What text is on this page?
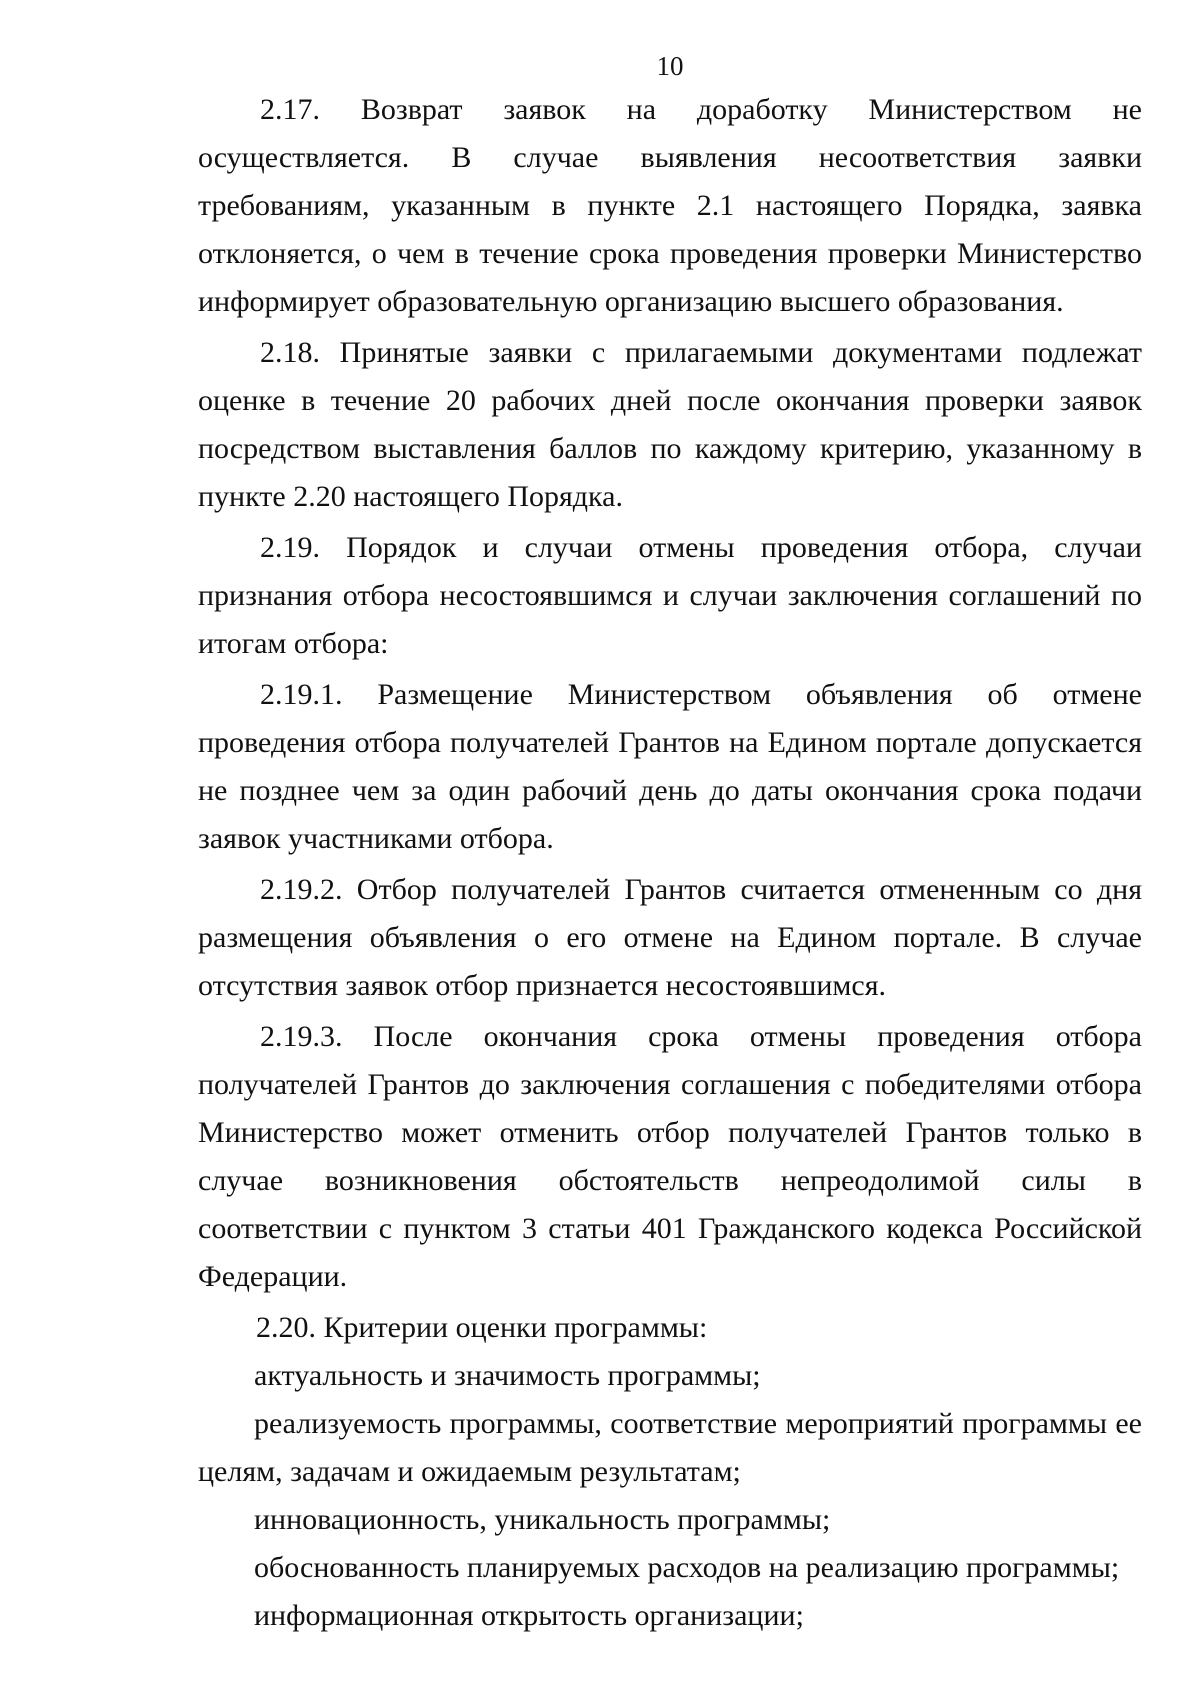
10

2.17. Возврат заявок на доработку Министерством не осуществляется. В случае выявления несоответствия заявки требованиям, указанным в пункте 2.1 настоящего Порядка, заявка отклоняется, о чем в течение срока проведения проверки Министерство информирует образовательную организацию высшего образования.

2.18. Принятые заявки с прилагаемыми документами подлежат оценке в течение 20 рабочих дней после окончания проверки заявок посредством выставления баллов по каждому критерию, указанному в пункте 2.20 настоящего Порядка.

2.19. Порядок и случаи отмены проведения отбора, случаи признания отбора несостоявшимся и случаи заключения соглашений по итогам отбора:

2.19.1. Размещение Министерством объявления об отмене проведения отбора получателей Грантов на Едином портале допускается не позднее чем за один рабочий день до даты окончания срока подачи заявок участниками отбора.

2.19.2. Отбор получателей Грантов считается отмененным со дня размещения объявления о его отмене на Едином портале. В случае отсутствия заявок отбор признается несостоявшимся.

2.19.3. После окончания срока отмены проведения отбора получателей Грантов до заключения соглашения с победителями отбора Министерство может отменить отбор получателей Грантов только в случае возникновения обстоятельств непреодолимой силы в соответствии с пунктом 3 статьи 401 Гражданского кодекса Российской Федерации.

2.20. Критерии оценки программы:

актуальность и значимость программы;

реализуемость программы, соответствие мероприятий программы ее целям, задачам и ожидаемым результатам;

инновационность, уникальность программы;

обоснованность планируемых расходов на реализацию программы;

информационная открытость организации;
